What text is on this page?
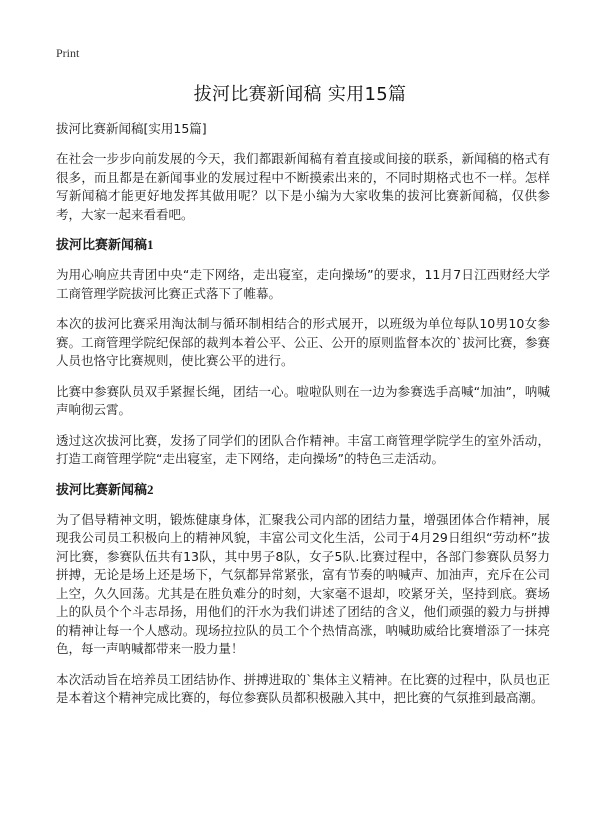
Print
拔河比赛新闻稿 实用15篇
拔河比赛新闻稿[实用15篇]
在社会一步步向前发展的今天，我们都跟新闻稿有着直接或间接的联系，新闻稿的格式有很多，而且都是在新闻事业的发展过程中不断摸索出来的，不同时期格式也不一样。怎样写新闻稿才能更好地发挥其做用呢？以下是小编为大家收集的拔河比赛新闻稿，仅供参考，大家一起来看看吧。
拔河比赛新闻稿1
为用心响应共青团中央“走下网络，走出寝室，走向操场”的要求，11月7日江西财经大学工商管理学院拔河比赛正式落下了帷幕。
本次的拔河比赛采用淘汰制与循环制相结合的形式展开，以班级为单位每队10男10女参赛。工商管理学院纪保部的裁判本着公平、公正、公开的原则监督本次的`拔河比赛，参赛人员也恪守比赛规则，使比赛公平的进行。
比赛中参赛队员双手紧握长绳，团结一心。啦啦队则在一边为参赛选手高喊“加油”，呐喊声响彻云霄。
透过这次拔河比赛，发扬了同学们的团队合作精神。丰富工商管理学院学生的室外活动，打造工商管理学院“走出寝室，走下网络，走向操场”的特色三走活动。
拔河比赛新闻稿2
为了倡导精神文明，锻炼健康身体，汇聚我公司内部的团结力量，增强团体合作精神，展现我公司员工积极向上的精神风貌，丰富公司文化生活，公司于4月29日组织“劳动杯”拔河比赛，参赛队伍共有13队，其中男子8队，女子5队.比赛过程中，各部门参赛队员努力拼搏，无论是场上还是场下，气氛都异常紧张，富有节奏的呐喊声、加油声，充斥在公司上空，久久回荡。尤其是在胜负难分的时刻，大家毫不退却，咬紧牙关，坚持到底。赛场上的队员个个斗志昂扬，用他们的汗水为我们讲述了团结的含义，他们顽强的毅力与拼搏的精神让每一个人感动。现场拉拉队的员工个个热情高涨，呐喊助威给比赛增添了一抹亮色，每一声呐喊都带来一股力量！
本次活动旨在培养员工团结协作、拼搏进取的`集体主义精神。在比赛的过程中，队员也正是本着这个精神完成比赛的，每位参赛队员都积极融入其中，把比赛的气氛推到最高潮。
